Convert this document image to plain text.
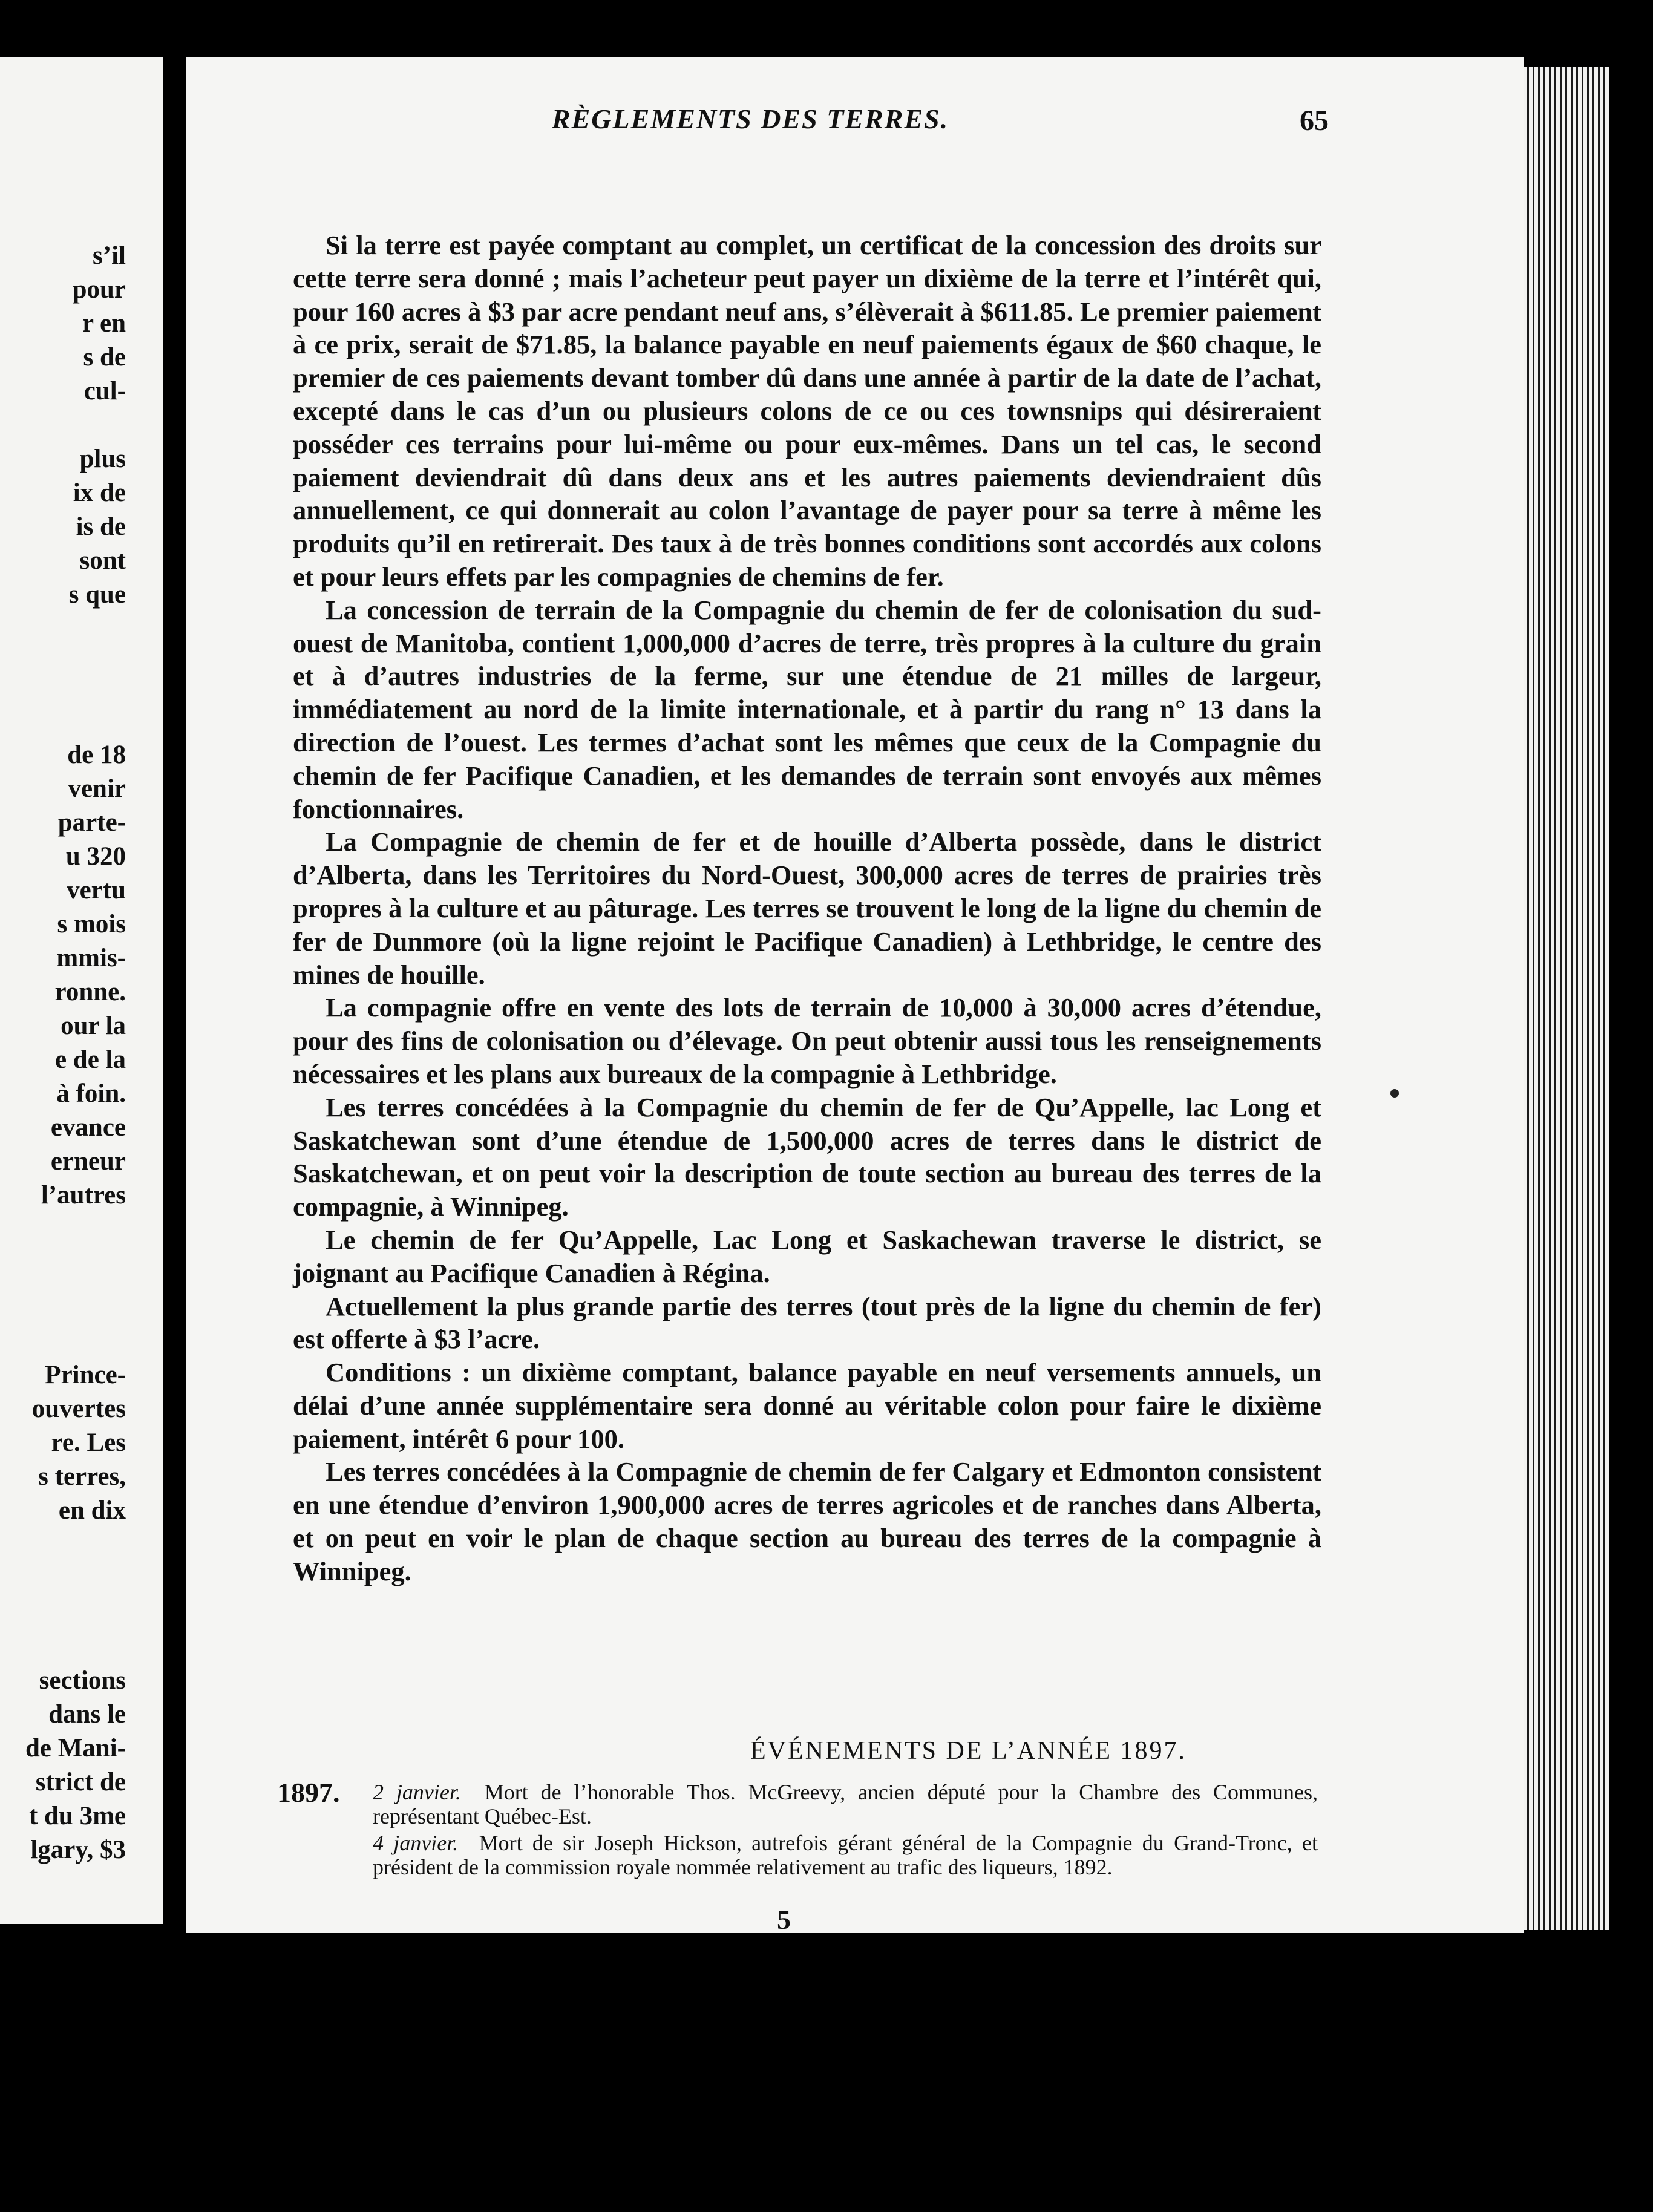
s’il
pour
r en
s de
cul-
plus
ix de
is de
sont
s que
de 18
venir
parte-
u 320
vertu
s mois
mmis-
ronne.
our la
e de la
à foin.
evance
erneur
l’autres
Prince-
ouvertes
re. Les
s terres,
en dix
sections
dans le
de Mani-
strict de
t du 3me
lgary, $3
RÈGLEMENTS DES TERRES.	65

Si la terre est payée comptant au complet, un certificat de la concession des droits sur cette terre sera donné ; mais l’acheteur peut payer un dixième de la terre et l’intérêt qui, pour 160 acres à $3 par acre pendant neuf ans, s’élèverait à $611.85. Le premier paiement à ce prix, serait de $71.85, la balance payable en neuf paiements égaux de $60 chaque, le premier de ces paiements devant tomber dû dans une année à partir de la date de l’achat, excepté dans le cas d’un ou plusieurs colons de ce ou ces townsnips qui désireraient posséder ces terrains pour lui-même ou pour eux-mêmes. Dans un tel cas, le second paiement deviendrait dû dans deux ans et les autres paiements deviendraient dûs annuellement, ce qui donnerait au colon l’avantage de payer pour sa terre à même les produits qu’il en retirerait. Des taux à de très bonnes conditions sont accordés aux colons et pour leurs effets par les compagnies de chemins de fer.

La concession de terrain de la Compagnie du chemin de fer de colonisation du sud-ouest de Manitoba, contient 1,000,000 d’acres de terre, très propres à la culture du grain et à d’autres industries de la ferme, sur une étendue de 21 milles de largeur, immédiatement au nord de la limite internationale, et à partir du rang n° 13 dans la direction de l’ouest. Les termes d’achat sont les mêmes que ceux de la Compagnie du chemin de fer Pacifique Canadien, et les demandes de terrain sont envoyés aux mêmes fonctionnaires.

La Compagnie de chemin de fer et de houille d’Alberta possède, dans le district d’Alberta, dans les Territoires du Nord-Ouest, 300,000 acres de terres de prairies très propres à la culture et au pâturage. Les terres se trouvent le long de la ligne du chemin de fer de Dunmore (où la ligne rejoint le Pacifique Canadien) à Lethbridge, le centre des mines de houille.

La compagnie offre en vente des lots de terrain de 10,000 à 30,000 acres d’étendue, pour des fins de colonisation ou d’élevage. On peut obtenir aussi tous les renseignements nécessaires et les plans aux bureaux de la compagnie à Lethbridge.

Les terres concédées à la Compagnie du chemin de fer de Qu’Appelle, lac Long et Saskatchewan sont d’une étendue de 1,500,000 acres de terres dans le district de Saskatchewan, et on peut voir la description de toute section au bureau des terres de la compagnie, à Winnipeg.

Le chemin de fer Qu’Appelle, Lac Long et Saskachewan traverse le district, se joignant au Pacifique Canadien à Régina.

Actuellement la plus grande partie des terres (tout près de la ligne du chemin de fer) est offerte à $3 l’acre.

Conditions : un dixième comptant, balance payable en neuf versements annuels, un délai d’une année supplémentaire sera donné au véritable colon pour faire le dixième paiement, intérêt 6 pour 100.

Les terres concédées à la Compagnie de chemin de fer Calgary et Edmonton consistent en une étendue d’environ 1,900,000 acres de terres agricoles et de ranches dans Alberta, et on peut en voir le plan de chaque section au bureau des terres de la compagnie à Winnipeg.

ÉVÉNEMENTS DE L’ANNÉE 1897.
1897. 2 janvier. Mort de l’honorable Thos. McGreevy, ancien député pour la Chambre des Communes, représentant Québec-Est.
4 janvier. Mort de sir Joseph Hickson, autrefois gérant général de la Compagnie du Grand-Tronc, et président de la commission royale nommée relativement au trafic des liqueurs, 1892.
5
